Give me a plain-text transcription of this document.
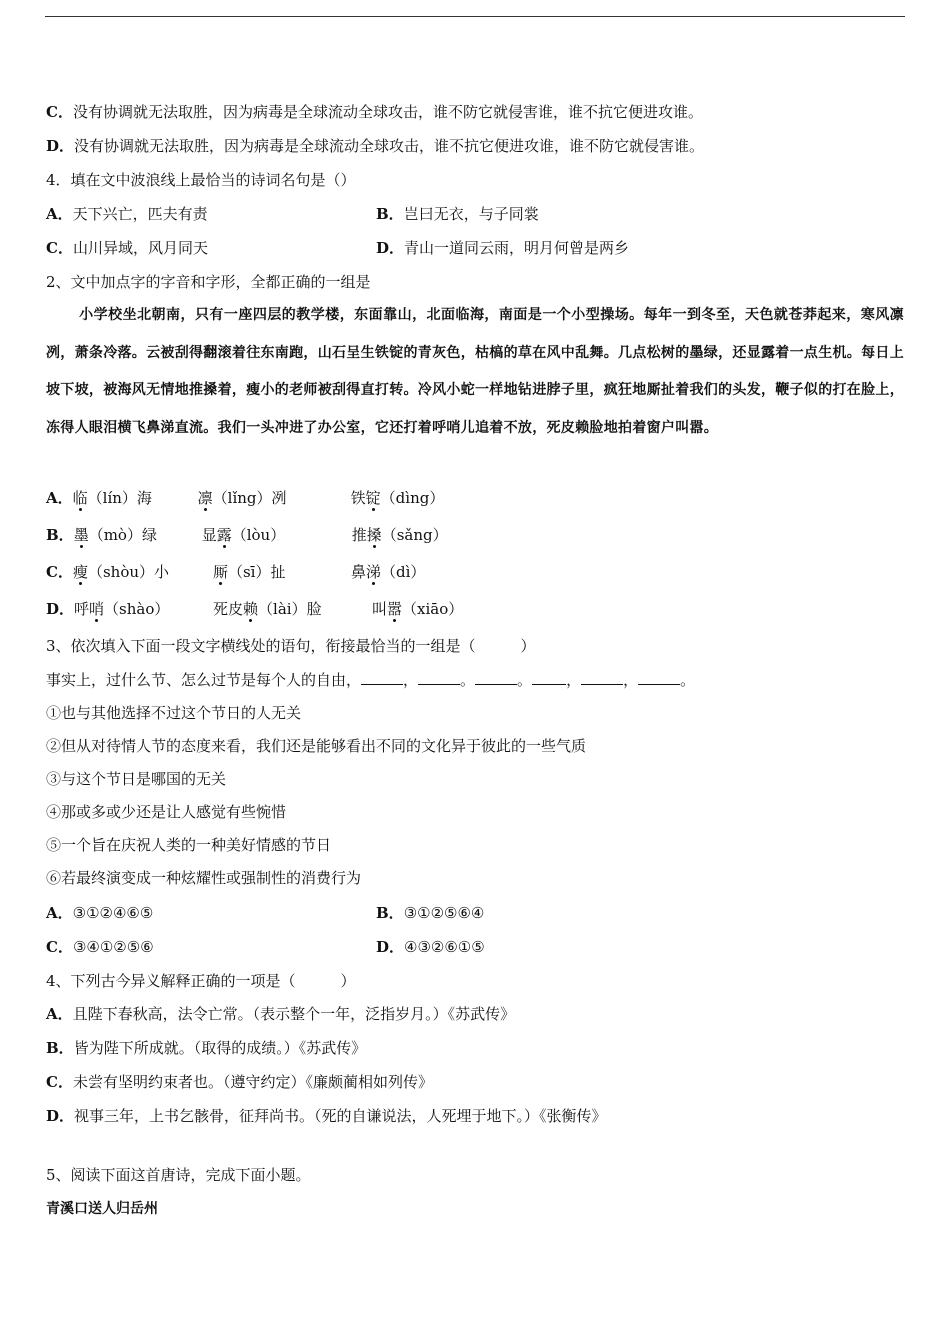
C．没有协调就无法取胜，因为病毒是全球流动全球攻击，谁不防它就侵害谁，谁不抗它便进攻谁。
D．没有协调就无法取胜，因为病毒是全球流动全球攻击，谁不抗它便进攻谁，谁不防它就侵害谁。
4．填在文中波浪线上最恰当的诗词名句是（）
A．天下兴亡，匹夫有责	B．岂曰无衣，与子同裳
C．山川异域，风月同天	D．青山一道同云雨，明月何曾是两乡
2、文中加点字的字音和字形，全都正确的一组是
小学校坐北朝南，只有一座四层的教学楼，东面靠山，北面临海，南面是一个小型操场。每年一到冬至，天色就苍莽起来，寒风凛冽，萧条冷落。云被刮得翻滚着往东南跑，山石呈生铁锭的青灰色，枯槁的草在风中乱舞。几点松树的墨绿，还显露着一点生机。每日上坡下坡，被海风无情地推搡着，瘦小的老师被刮得直打转。冷风小蛇一样地钻进脖子里，疯狂地厮扯着我们的头发，鞭子似的打在脸上，冻得人眼泪横飞鼻涕直流。我们一头冲进了办公室，它还打着呼哨儿追着不放，死皮赖脸地拍着窗户叫嚣。
A．临（lín）海	凛（lǐng）冽	铁锭（dìng）
B．墨（mò）绿	显露（lòu）	推搡（sǎng）
C．瘦（shòu）小	厮（sī）扯	鼻涕（dì）
D．呼哨（shào）	死皮赖（lài）脸	叫嚣（xiāo）
3、依次填入下面一段文字横线处的语句，衔接最恰当的一组是（　　　）
事实上，过什么节、怎么过节是每个人的自由，	，	。	。 ，	，	。
①也与其他选择不过这个节日的人无关
②但从对待情人节的态度来看，我们还是能够看出不同的文化异于彼此的一些气质
③与这个节日是哪国的无关
④那或多或少还是让人感觉有些惋惜
⑤一个旨在庆祝人类的一种美好情感的节日
⑥若最终演变成一种炫耀性或强制性的消费行为
A．③①②④⑥⑤	B．③①②⑤⑥④
C．③④①②⑤⑥	D．④③②⑥①⑤
4、下列古今异义解释正确的一项是（　　　）
A．且陛下春秋高，法令亡常。（表示整个一年，泛指岁月。）《苏武传》
B．皆为陛下所成就。（取得的成绩。）《苏武传》
C．未尝有坚明约束者也。（遵守约定）《廉颇蔺相如列传》
D．视事三年，上书乞骸骨，征拜尚书。（死的自谦说法，人死埋于地下。）《张衡传》
5、阅读下面这首唐诗，完成下面小题。
青溪口送人归岳州
